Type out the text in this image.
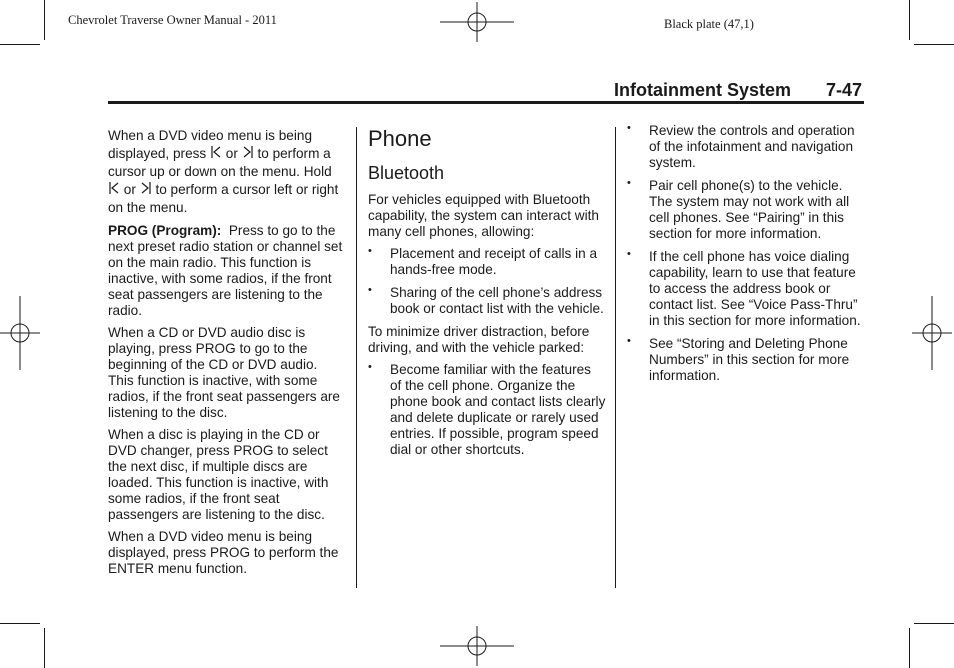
Chevrolet Traverse Owner Manual - 2011	Black plate (47,1)
Infotainment System 7-47

When a DVD video menu is being displayed, press or to perform a cursor up or down on the menu. Hold  or to perform a cursor left or right on the menu.

PROG (Program): Press to go to the next preset radio station or channel set on the main radio. This function is inactive, with some radios, if the front seat passengers are listening to the radio.

When a CD or DVD audio disc is playing, press PROG to go to the beginning of the CD or DVD audio. This function is inactive, with some radios, if the front seat passengers are listening to the disc.

When a disc is playing in the CD or DVD changer, press PROG to select the next disc, if multiple discs are loaded. This function is inactive, with some radios, if the front seat passengers are listening to the disc.

When a DVD video menu is being displayed, press PROG to perform the ENTER menu function.

Phone
Bluetooth

For vehicles equipped with Bluetooth capability, the system can interact with many cell phones, allowing:

• Placement and receipt of calls in a hands-free mode.
• Sharing of the cell phone’s address book or contact list with the vehicle.

To minimize driver distraction, before driving, and with the vehicle parked:

• Become familiar with the features of the cell phone. Organize the phone book and contact lists clearly and delete duplicate or rarely used entries. If possible, program speed dial or other shortcuts.
• Review the controls and operation of the infotainment and navigation system.
• Pair cell phone(s) to the vehicle. The system may not work with all cell phones. See “Pairing” in this section for more information.
• If the cell phone has voice dialing capability, learn to use that feature to access the address book or contact list. See “Voice Pass-Thru” in this section for more information.
• See “Storing and Deleting Phone Numbers” in this section for more information.
